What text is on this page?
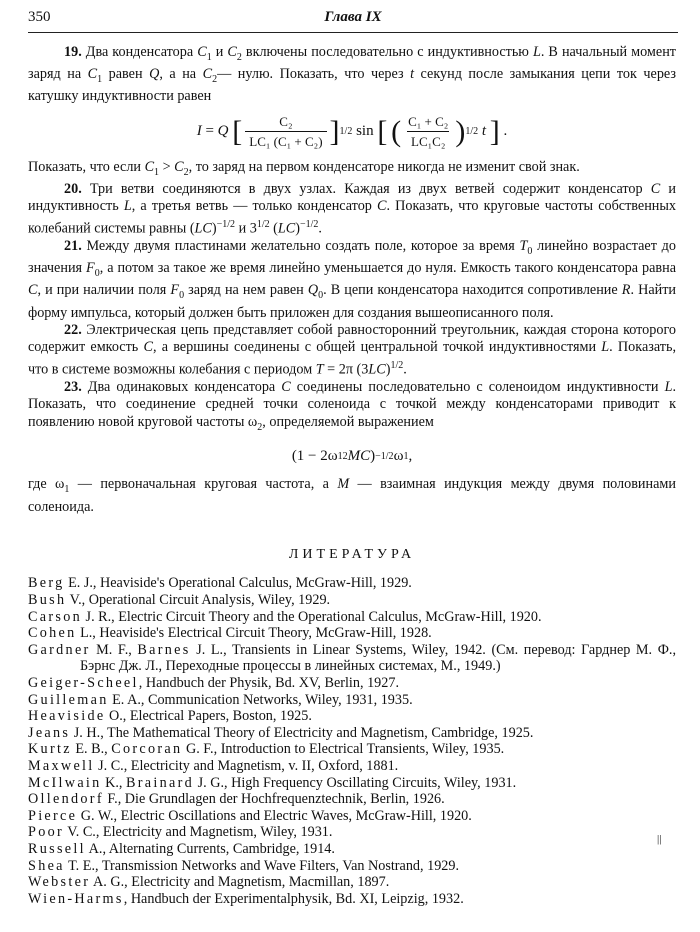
350	Глава IX

19. Два конденсатора $C_1$ и $C_2$ включены последовательно с индуктивностью L. В начальный момент заряд на $C_1$ равен Q, а на $C_2—$ нулю. Показать, что через t секунд после замыкания цепи ток через катушку индуктивности равен

I = Q
[ $\frac{\text{C₂}}{\text{LC₁ (C₁ + C₂)}}$ ] 1/2 sin [
( $\frac{\text{C₁ + C₂}}{\text{LC₁C₂}}$ ) 1/2
t
] .

Показать, что если $C_1 > C_2$, то заряд на первом конденсаторе никогда не изменит свой знак.

20. Три ветви соединяются в двух узлах. Каждая из двух ветвей содержит конденсатор C и индуктивность L, а третья ветвь — только конденсатор C. Показать, что круговые частоты собственных колебаний системы равны (LC)$^{-1/2}$ и $3^{1/2}$ (LC)$^{-1/2}$.

21. Между двумя пластинами желательно создать поле, которое за время $T_0$ линейно возрастает до значения $F_0$, а потом за такое же время линейно уменьшается до нуля. Емкость такого конденсатора равна C, и при наличии поля $F_0$ заряд на нем равен $Q_0$. В цепи конденсатора находится сопротивление R. Найти форму импульса, который должен быть приложен для создания вышеописанного поля.

22. Электрическая цепь представляет собой равносторонний треугольник, каждая сторона которого содержит емкость C, а вершины соединены с общей центральной точкой индуктивностями L. Показать, что в системе возможны колебания с периодом T = 2π $(3LC)^{1/2}$.

23. Два одинаковых конденсатора C соединены последовательно с соленоидом индуктивности L. Показать, что соединение средней точки соленоида с точкой между конденсаторами приводит к появлению новой круговой частоты $\omega_2$, определяемой выражением

(1 − 2ω 1 2 MC ) −1/2 ω 1 ,

где $\omega_1$ — первоначальная круговая частота, а M — взаимная индукция между двумя половинами соленоида.

ЛИТЕРАТУРА

Berg E. J., Heaviside's Operational Calculus, McGraw-Hill, 1929.

Bush V., Operational Circuit Analysis, Wiley, 1929.

Carson J. R., Electric Circuit Theory and the Operational Calculus, McGraw-Hill, 1920.

Cohen L., Heaviside's Electrical Circuit Theory, McGraw-Hill, 1928.

Gardner M. F., Barnes J. L., Transients in Linear Systems, Wiley, 1942. (См. перевод: Гарднер М. Ф., Бэрнс Дж. Л., Переходные процессы в линейных системах, М., 1949.)

Geiger-Scheel, Handbuch der Physik, Bd. XV, Berlin, 1927.

Guilleman E. A., Communication Networks, Wiley, 1931, 1935.

Heaviside O., Electrical Papers, Boston, 1925.

Jeans J. H., The Mathematical Theory of Electricity and Magnetism, Cambridge, 1925.

Kurtz E. B., Corcoran G. F., Introduction to Electrical Transients, Wiley, 1935.

Maxwell J. C., Electricity and Magnetism, v. II, Oxford, 1881.

McIlwain K., Brainard J. G., High Frequency Oscillating Circuits, Wiley, 1931.

Ollendorf F., Die Grundlagen der Hochfrequenztechnik, Berlin, 1926.

Pierce G. W., Electric Oscillations and Electric Waves, McGraw-Hill, 1920.

Poor V. C., Electricity and Magnetism, Wiley, 1931.

Russell A., Alternating Currents, Cambridge, 1914.

Shea T. E., Transmission Networks and Wave Filters, Van Nostrand, 1929.

Webster A. G., Electricity and Magnetism, Macmillan, 1897.

Wien-Harms, Handbuch der Experimentalphysik, Bd. XI, Leipzig, 1932.

||
